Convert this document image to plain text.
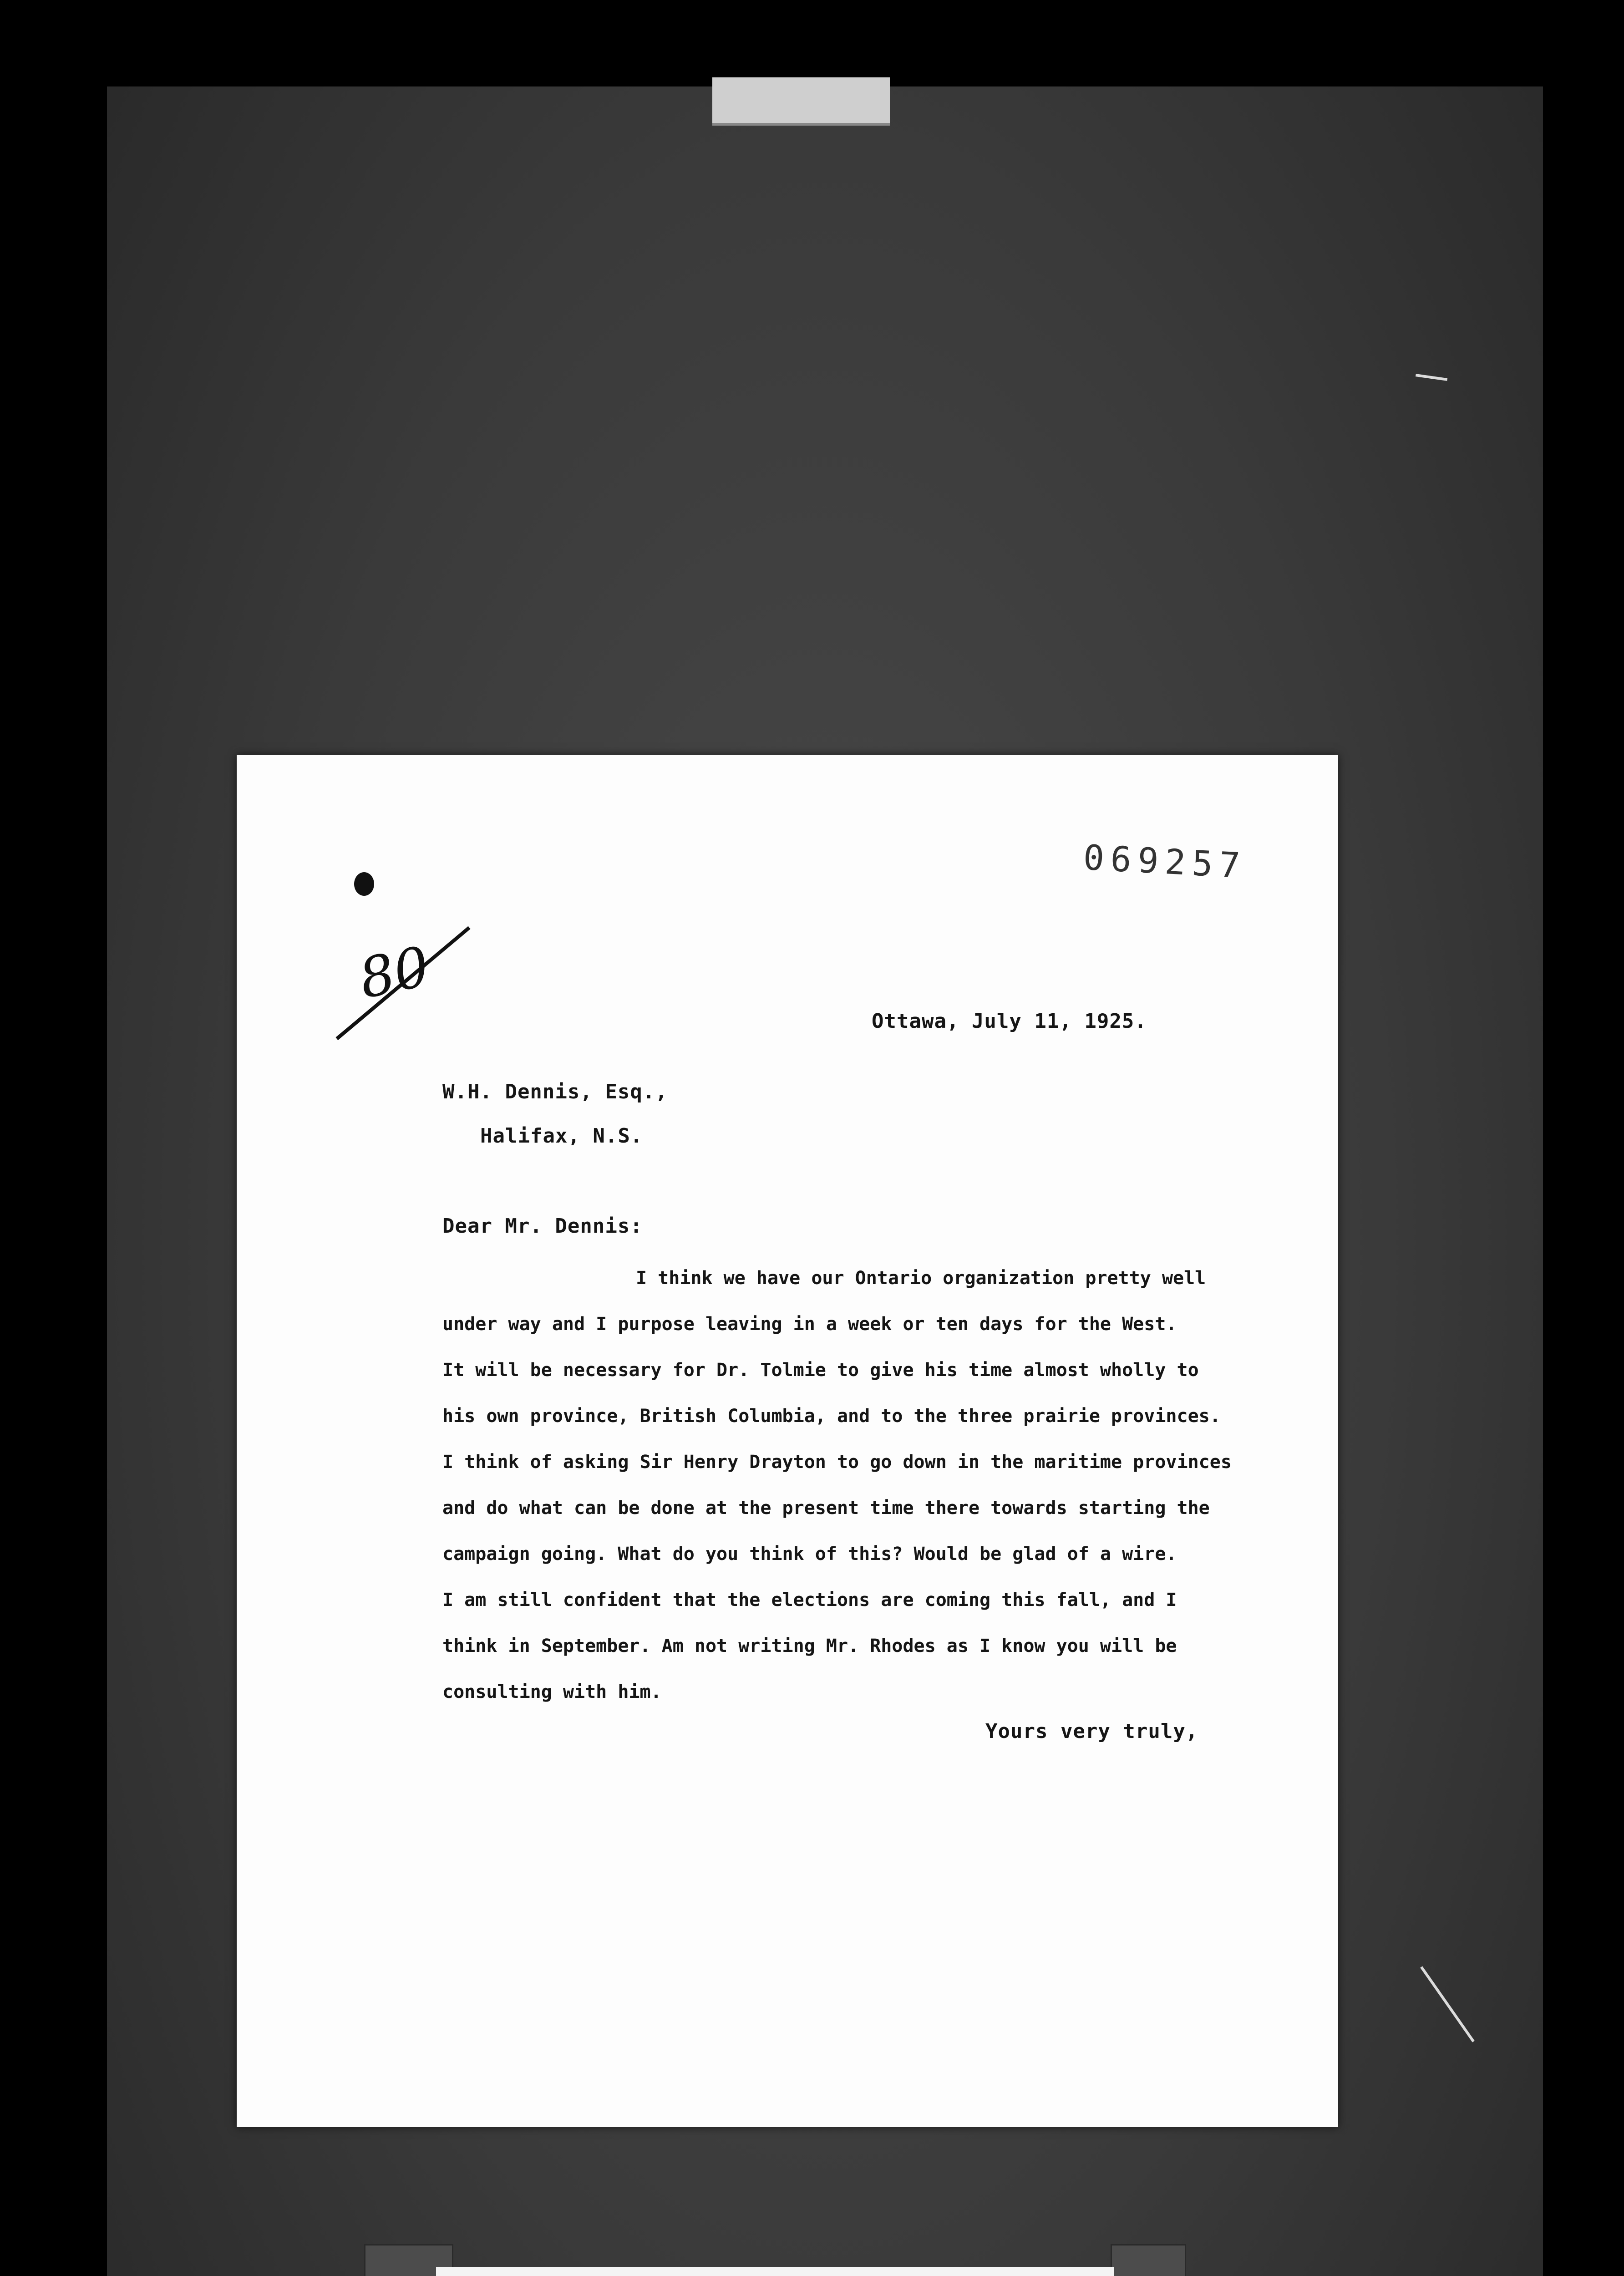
80
069257
Ottawa, July 11, 1925.
W.H. Dennis, Esq.,
Halifax, N.S.
Dear Mr. Dennis:
I think we have our Ontario organization pretty well
under way and I purpose leaving in a week or ten days for the West.
It will be necessary for Dr. Tolmie to give his time almost wholly to
his own province, British Columbia, and to the three prairie provinces.
I think of asking Sir Henry Drayton to go down in the maritime provinces
and do what can be done at the present time there towards starting the
campaign going. What do you think of this? Would be glad of a wire.
I am still confident that the elections are coming this fall, and I
think in September. Am not writing Mr. Rhodes as I know you will be
consulting with him.
Yours very truly,
